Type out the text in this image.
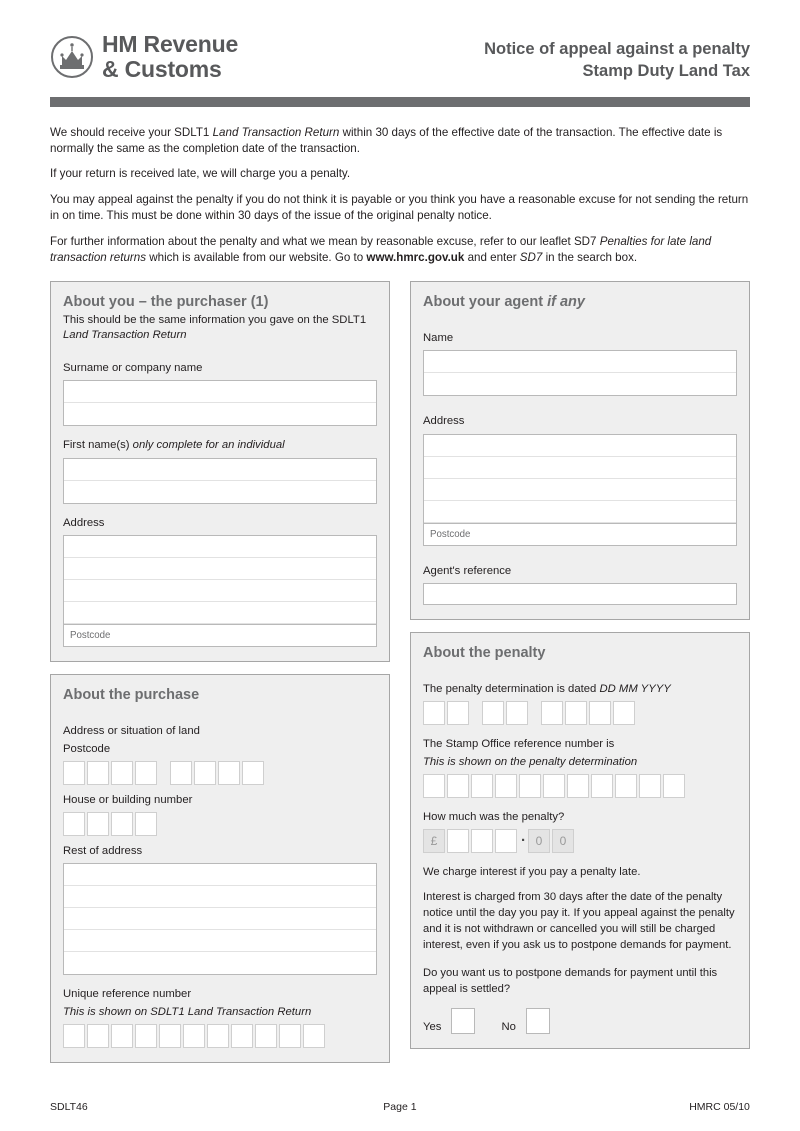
HM Revenue
& Customs
Notice of appeal against a penalty
Stamp Duty Land Tax

We should receive your SDLT1 Land Transaction Return within 30 days of the effective date of the transaction. The effective date is normally the same as the completion date of the transaction.

If your return is received late, we will charge you a penalty.

You may appeal against the penalty if you do not think it is payable or you think you have a reasonable excuse for not sending the return in on time. This must be done within 30 days of the issue of the original penalty notice.

For further information about the penalty and what we mean by reasonable excuse, refer to our leaflet SD7 Penalties for late land transaction returns which is available from our website. Go to www.hmrc.gov.uk and enter SD7 in the search box.

About you – the purchaser (1)
This should be the same information you gave on the SDLT1 Land Transaction Return
Surname or company name
First name(s) only complete for an individual
Address
Postcode
About the purchase
Address or situation of land
Postcode
House or building number
Rest of address
Unique reference number
This is shown on SDLT1 Land Transaction Return
About your agent if any
Name
Address
Postcode
Agent's reference
About the penalty
The penalty determination is dated DD MM YYYY
The Stamp Office reference number is
This is shown on the penalty determination
How much was the penalty?
£	· 0	0

We charge interest if you pay a penalty late.

Interest is charged from 30 days after the date of the penalty notice until the day you pay it. If you appeal against the penalty and it is not withdrawn or cancelled you will still be charged interest, even if you ask us to postpone demands for payment.

Do you want us to postpone demands for payment until this appeal is settled?
Yes	No
SDLT46	Page 1	HMRC 05/10
